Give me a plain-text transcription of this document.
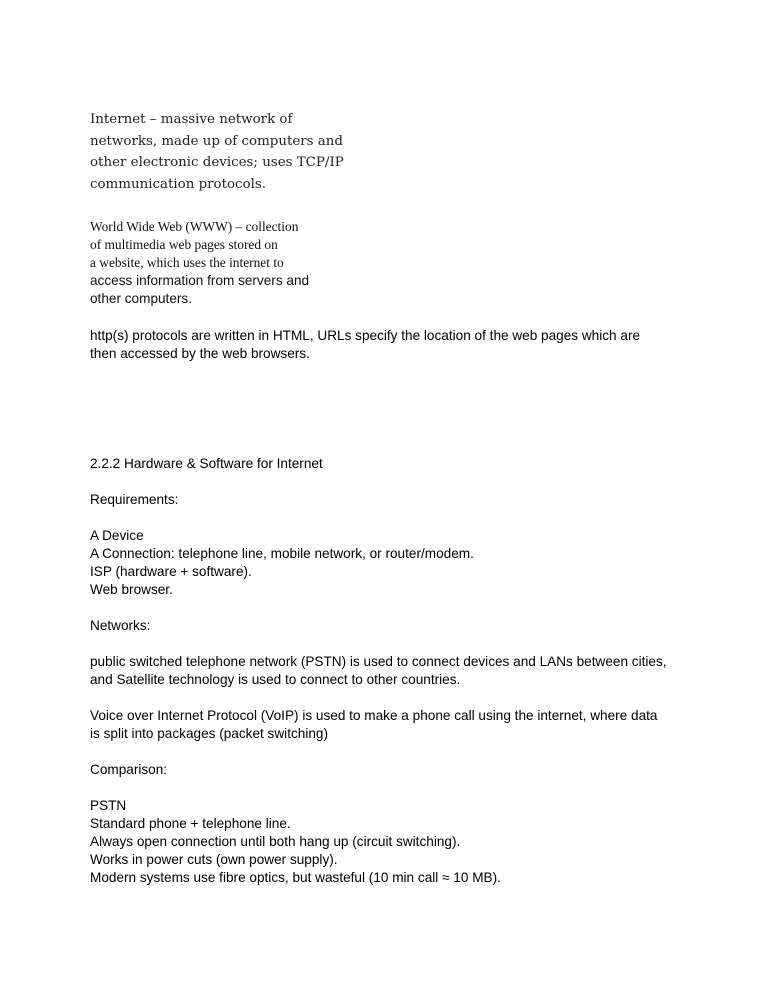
Internet – massive network of
networks, made up of computers and
other electronic devices; uses TCP/IP
communication protocols.
World Wide Web (WWW) – collection
of multimedia web pages stored on
a website, which uses the internet to
access information from servers and
other computers.
http(s) protocols are written in HTML, URLs specify the location of the web pages which are
then accessed by the web browsers.
2.2.2 Hardware & Software for Internet
Requirements:
A Device
A Connection: telephone line, mobile network, or router/modem.
ISP (hardware + software).
Web browser.
Networks:
public switched telephone network (PSTN) is used to connect devices and LANs between cities,
and Satellite technology is used to connect to other countries.
Voice over Internet Protocol (VoIP) is used to make a phone call using the internet, where data
is split into packages (packet switching)
Comparison:
PSTN
Standard phone + telephone line.
Always open connection until both hang up (circuit switching).
Works in power cuts (own power supply).
Modern systems use fibre optics, but wasteful (10 min call ≈ 10 MB).
